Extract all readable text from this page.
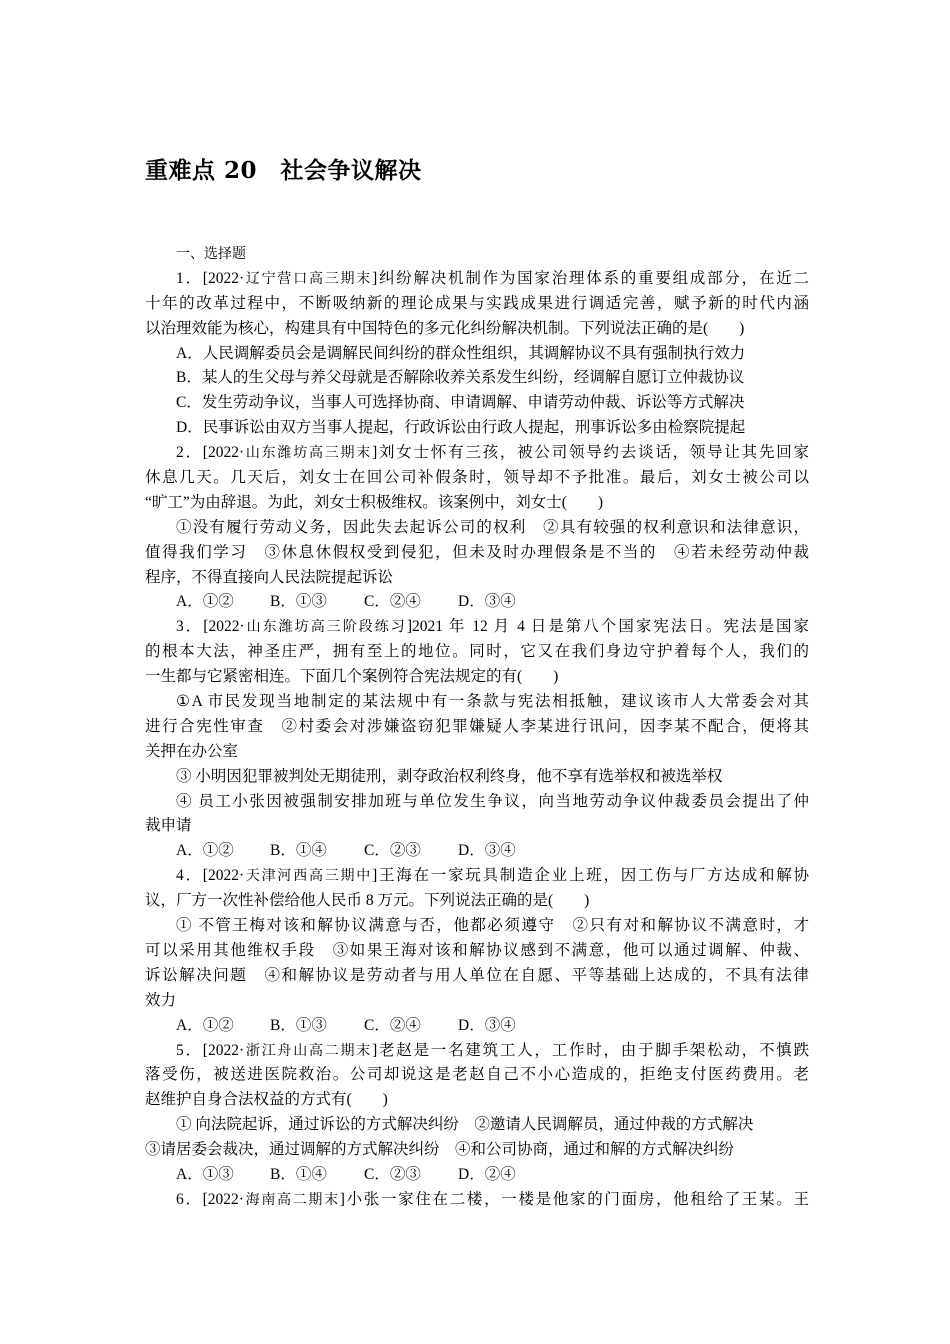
重难点 20　社会争议解决
一、选择题
1．[2022·辽宁营口高三期末]纠纷解决机制作为国家治理体系的重要组成部分，在近二
十年的改革过程中，不断吸纳新的理论成果与实践成果进行调适完善，赋予新的时代内涵
以治理效能为核心，构建具有中国特色的多元化纠纷解决机制。下列说法正确的是(　　)
A．人民调解委员会是调解民间纠纷的群众性组织，其调解协议不具有强制执行效力
B．某人的生父母与养父母就是否解除收养关系发生纠纷，经调解自愿订立仲裁协议
C．发生劳动争议，当事人可选择协商、申请调解、申请劳动仲裁、诉讼等方式解决
D．民事诉讼由双方当事人提起，行政诉讼由行政人提起，刑事诉讼多由检察院提起
2．[2022·山东潍坊高三期末]刘女士怀有三孩，被公司领导约去谈话，领导让其先回家
休息几天。几天后，刘女士在回公司补假条时，领导却不予批准。最后，刘女士被公司以
“旷工”为由辞退。为此，刘女士积极维权。该案例中，刘女士(　　)
①没有履行劳动义务，因此失去起诉公司的权利　②具有较强的权利意识和法律意识，
值得我们学习　③休息休假权受到侵犯，但未及时办理假条是不当的　④若未经劳动仲裁
程序，不得直接向人民法院提起诉讼
A．①② B．①③ C．②④ D．③④
3．[2022·山东潍坊高三阶段练习]2021 年 12 月 4 日是第八个国家宪法日。宪法是国家
的根本大法，神圣庄严，拥有至上的地位。同时，它又在我们身边守护着每个人，我们的
一生都与它紧密相连。下面几个案例符合宪法规定的有(　　)
①A 市民发现当地制定的某法规中有一条款与宪法相抵触，建议该市人大常委会对其
进行合宪性审查　②村委会对涉嫌盗窃犯罪嫌疑人李某进行讯问，因李某不配合，便将其
关押在办公室
③ 小明因犯罪被判处无期徒刑，剥夺政治权利终身，他不享有选举权和被选举权
④ 员工小张因被强制安排加班与单位发生争议，向当地劳动争议仲裁委员会提出了仲
裁申请
A．①② B．①④ C．②③ D．③④
4．[2022·天津河西高三期中]王海在一家玩具制造企业上班，因工伤与厂方达成和解协
议，厂方一次性补偿给他人民币 8 万元。下列说法正确的是(　　)
① 不管王梅对该和解协议满意与否，他都必须遵守　②只有对和解协议不满意时，才
可以采用其他维权手段　③如果王海对该和解协议感到不满意，他可以通过调解、仲裁、
诉讼解决问题　④和解协议是劳动者与用人单位在自愿、平等基础上达成的，不具有法律
效力
A．①② B．①③ C．②④ D．③④
5．[2022·浙江舟山高二期末]老赵是一名建筑工人，工作时，由于脚手架松动，不慎跌
落受伤，被送进医院救治。公司却说这是老赵自己不小心造成的，拒绝支付医药费用。老
赵维护自身合法权益的方式有(　　)
① 向法院起诉，通过诉讼的方式解决纠纷　②邀请人民调解员，通过仲裁的方式解决
③请居委会裁决，通过调解的方式解决纠纷　④和公司协商，通过和解的方式解决纠纷
A．①③ B．①④ C．②③ D．②④
6．[2022·海南高二期末]小张一家住在二楼，一楼是他家的门面房，他租给了王某。王
